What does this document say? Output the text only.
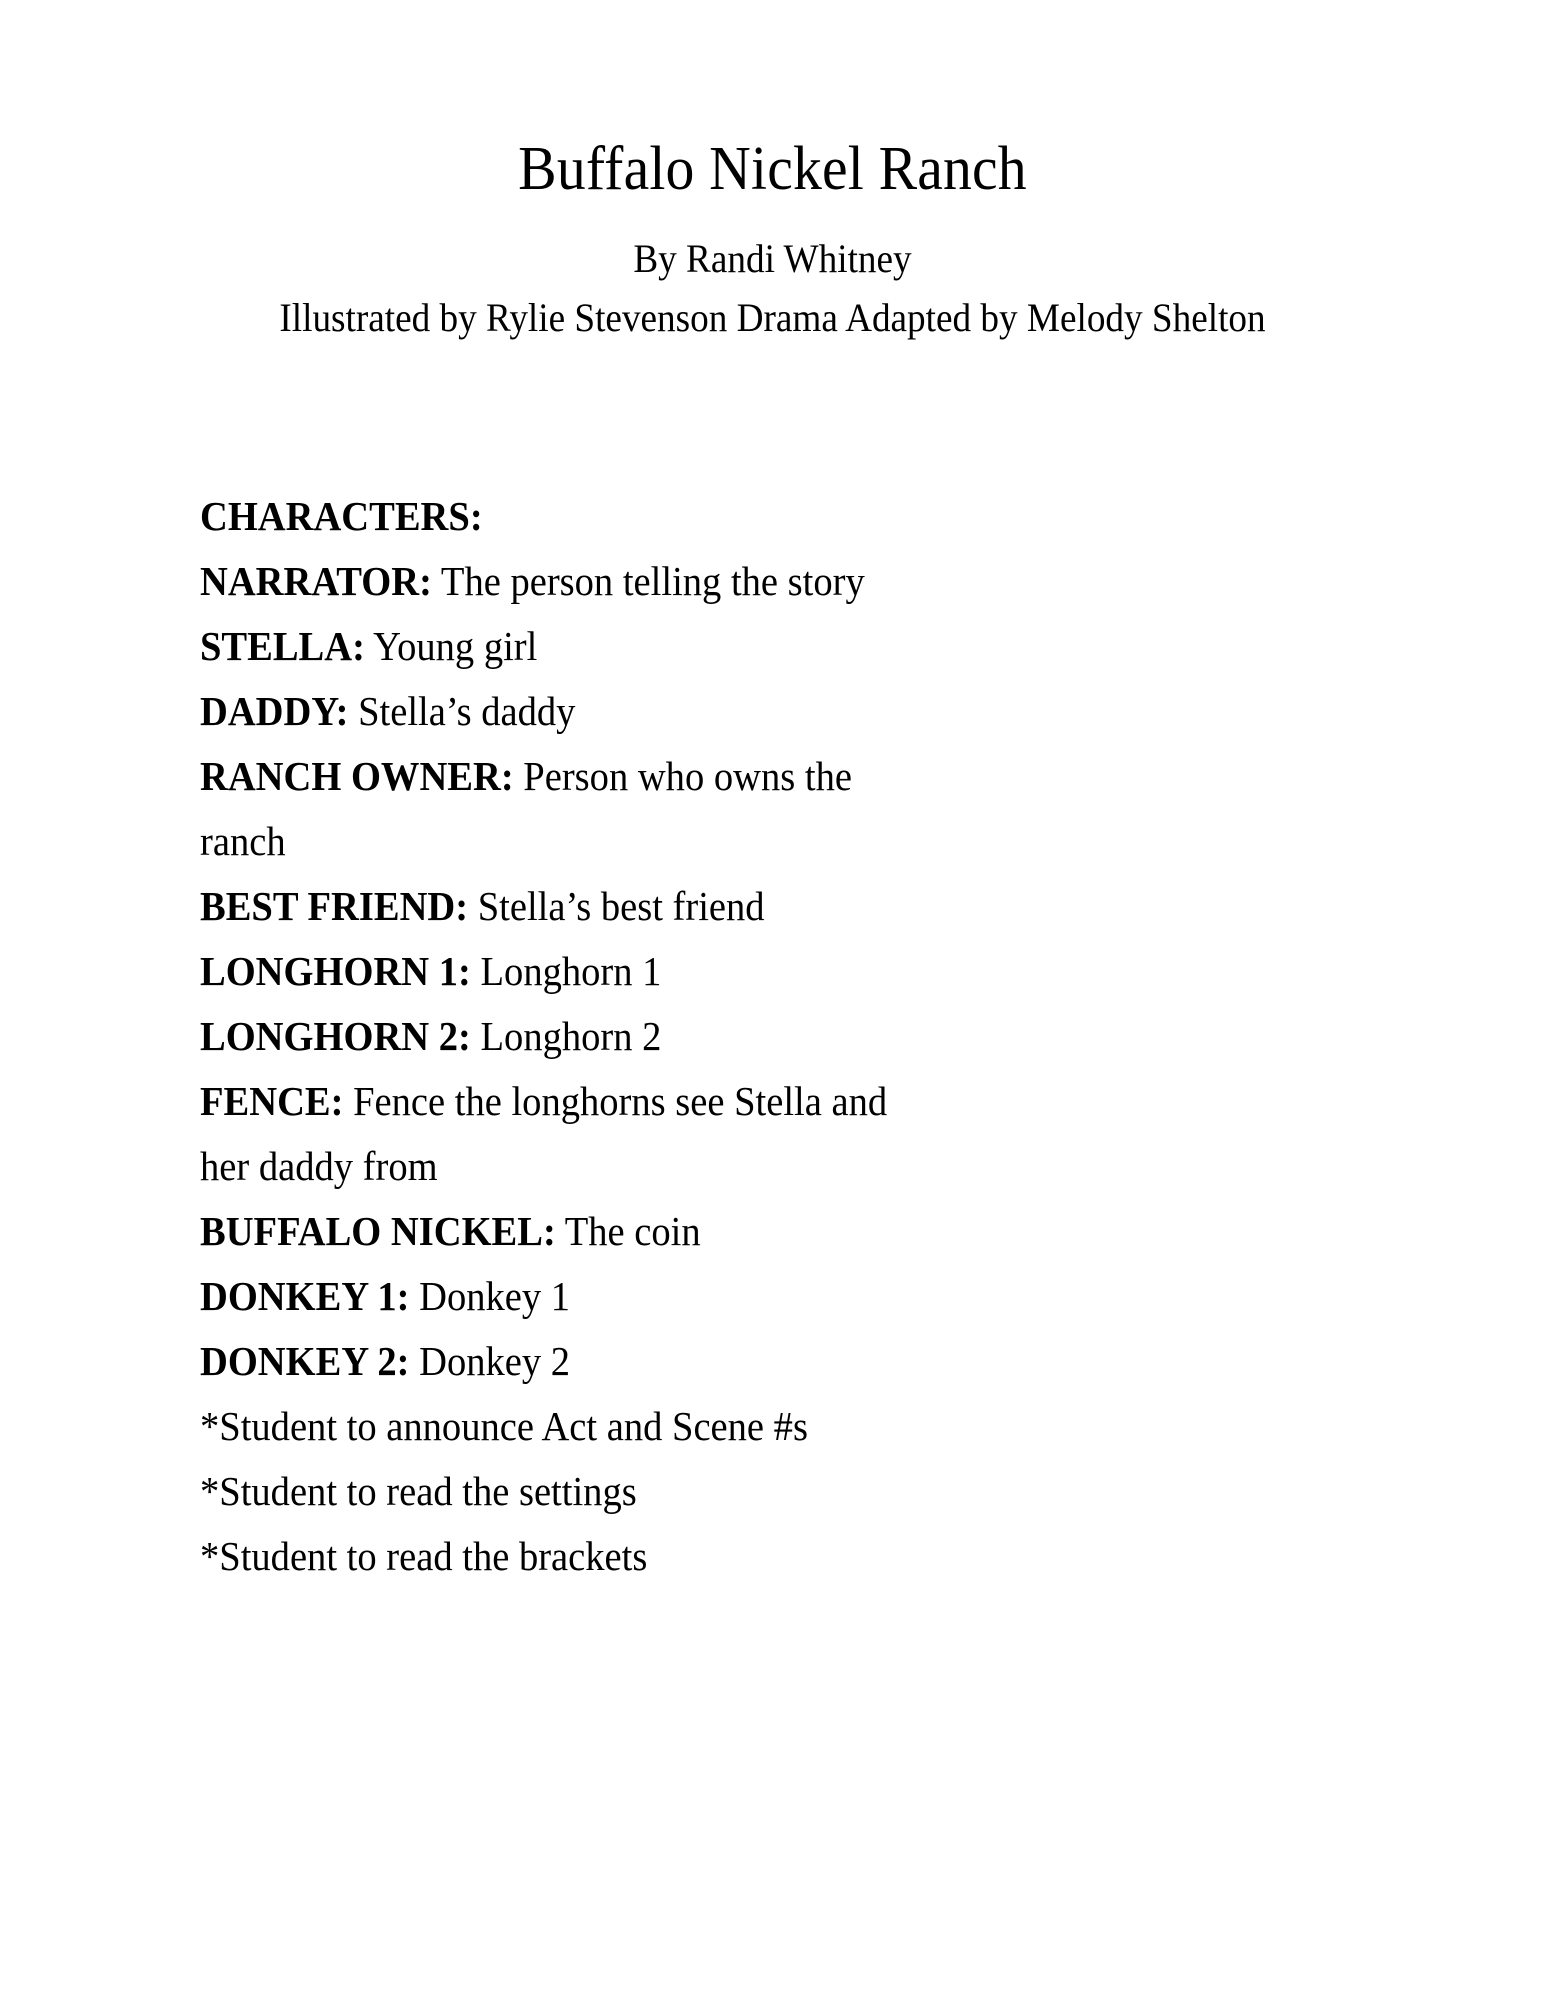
Buffalo Nickel Ranch
By Randi Whitney
Illustrated by Rylie Stevenson Drama Adapted by Melody Shelton
CHARACTERS:
NARRATOR: The person telling the story
STELLA: Young girl
DADDY: Stella’s daddy
RANCH OWNER: Person who owns the
ranch
BEST FRIEND: Stella’s best friend
LONGHORN 1: Longhorn 1
LONGHORN 2: Longhorn 2
FENCE: Fence the longhorns see Stella and
her daddy from
BUFFALO NICKEL: The coin
DONKEY 1: Donkey 1
DONKEY 2: Donkey 2
*Student to announce Act and Scene #s
*Student to read the settings
*Student to read the brackets
